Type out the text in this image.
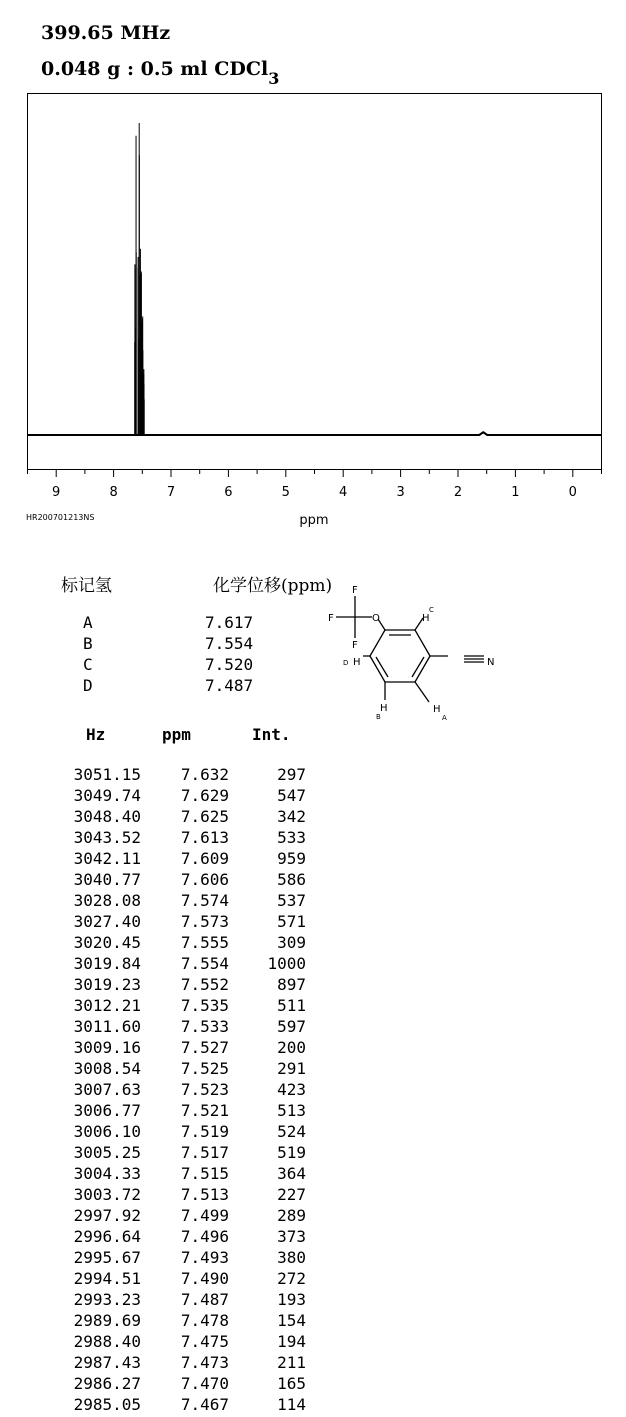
399.65 MHz
0.048 g : 0.5 ml CDCl$_3$
9	8	7	6	5	4	3	2	1	0
ppm
HR200701213NS
标记氢	化学位移(ppm)
A	7.617
B	7.554
C	7.520
D	7.487
F
F
F
O	H
C
D H	N
H
B
H
A
Hz	ppm	Int.
3051.15	7.632	297
3049.74	7.629	547
3048.40	7.625	342
3043.52	7.613	533
3042.11	7.609	959
3040.77	7.606	586
3028.08	7.574	537
3027.40	7.573	571
3020.45	7.555	309
3019.84	7.554	1000
3019.23	7.552	897
3012.21	7.535	511
3011.60	7.533	597
3009.16	7.527	200
3008.54	7.525	291
3007.63	7.523	423
3006.77	7.521	513
3006.10	7.519	524
3005.25	7.517	519
3004.33	7.515	364
3003.72	7.513	227
2997.92	7.499	289
2996.64	7.496	373
2995.67	7.493	380
2994.51	7.490	272
2993.23	7.487	193
2989.69	7.478	154
2988.40	7.475	194
2987.43	7.473	211
2986.27	7.470	165
2985.05	7.467	114
